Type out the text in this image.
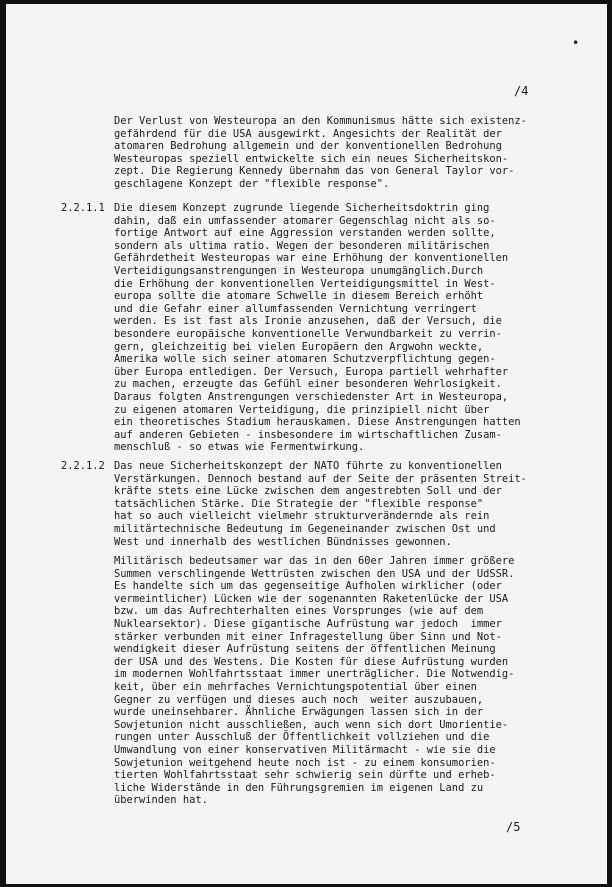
•
/4

Der Verlust von Westeuropa an den Kommunismus hätte sich existenz-

gefährdend für die USA ausgewirkt. Angesichts der Realität der

atomaren Bedrohung allgemein und der konventionellen Bedrohung

Westeuropas speziell entwickelte sich ein neues Sicherheitskon-

zept. Die Regierung Kennedy übernahm das von General Taylor vor-

geschlagene Konzept der "flexible response".

2.2.1.1 Die diesem Konzept zugrunde liegende Sicherheitsdoktrin ging

dahin, daß ein umfassender atomarer Gegenschlag nicht als so-

fortige Antwort auf eine Aggression verstanden werden sollte,

sondern als ultima ratio. Wegen der besonderen militärischen

Gefährdetheit Westeuropas war eine Erhöhung der konventionellen

Verteidigungsanstrengungen in Westeuropa unumgänglich.Durch

die Erhöhung der konventionellen Verteidigungsmittel in West-

europa sollte die atomare Schwelle in diesem Bereich erhöht

und die Gefahr einer allumfassenden Vernichtung verringert

werden. Es ist fast als Ironie anzusehen, daß der Versuch, die

besondere europäische konventionelle Verwundbarkeit zu verrin-

gern, gleichzeitig bei vielen Europäern den Argwohn weckte,

Amerika wolle sich seiner atomaren Schutzverpflichtung gegen-

über Europa entledigen. Der Versuch, Europa partiell wehrhafter

zu machen, erzeugte das Gefühl einer besonderen Wehrlosigkeit.

Daraus folgten Anstrengungen verschiedenster Art in Westeuropa,

zu eigenen atomaren Verteidigung, die prinzipiell nicht über

ein theoretisches Stadium herauskamen. Diese Anstrengungen hatten

auf anderen Gebieten - insbesondere im wirtschaftlichen Zusam-

menschluß - so etwas wie Fermentwirkung.

2.2.1.2 Das neue Sicherheitskonzept der NATO führte zu konventionellen

Verstärkungen. Dennoch bestand auf der Seite der präsenten Streit-

kräfte stets eine Lücke zwischen dem angestrebten Soll und der

tatsächlichen Stärke. Die Strategie der "flexible response"

hat so auch vielleicht vielmehr strukturverändernde als rein

militärtechnische Bedeutung im Gegeneinander zwischen Ost und

West und innerhalb des westlichen Bündnisses gewonnen.

Militärisch bedeutsamer war das in den 60er Jahren immer größere

Summen verschlingende Wettrüsten zwischen den USA und der UdSSR.

Es handelte sich um das gegenseitige Aufholen wirklicher (oder

vermeintlicher) Lücken wie der sogenannten Raketenlücke der USA

bzw. um das Aufrechterhalten eines Vorsprunges (wie auf dem

Nuklearsektor). Diese gigantische Aufrüstung war jedoch  immer

stärker verbunden mit einer Infragestellung über Sinn und Not-

wendigkeit dieser Aufrüstung seitens der öffentlichen Meinung

der USA und des Westens. Die Kosten für diese Aufrüstung wurden

im modernen Wohlfahrtsstaat immer unerträglicher. Die Notwendig-

keit, über ein mehrfaches Vernichtungspotential über einen

Gegner zu verfügen und dieses auch noch  weiter auszubauen,

wurde uneinsehbarer. Ähnliche Erwägungen lassen sich in der

Sowjetunion nicht ausschließen, auch wenn sich dort Umorientie-

rungen unter Ausschluß der Öffentlichkeit vollziehen und die

Umwandlung von einer konservativen Militärmacht - wie sie die

Sowjetunion weitgehend heute noch ist - zu einem konsumorien-

tierten Wohlfahrtsstaat sehr schwierig sein dürfte und erheb-

liche Widerstände in den Führungsgremien im eigenen Land zu

überwinden hat.

/5
